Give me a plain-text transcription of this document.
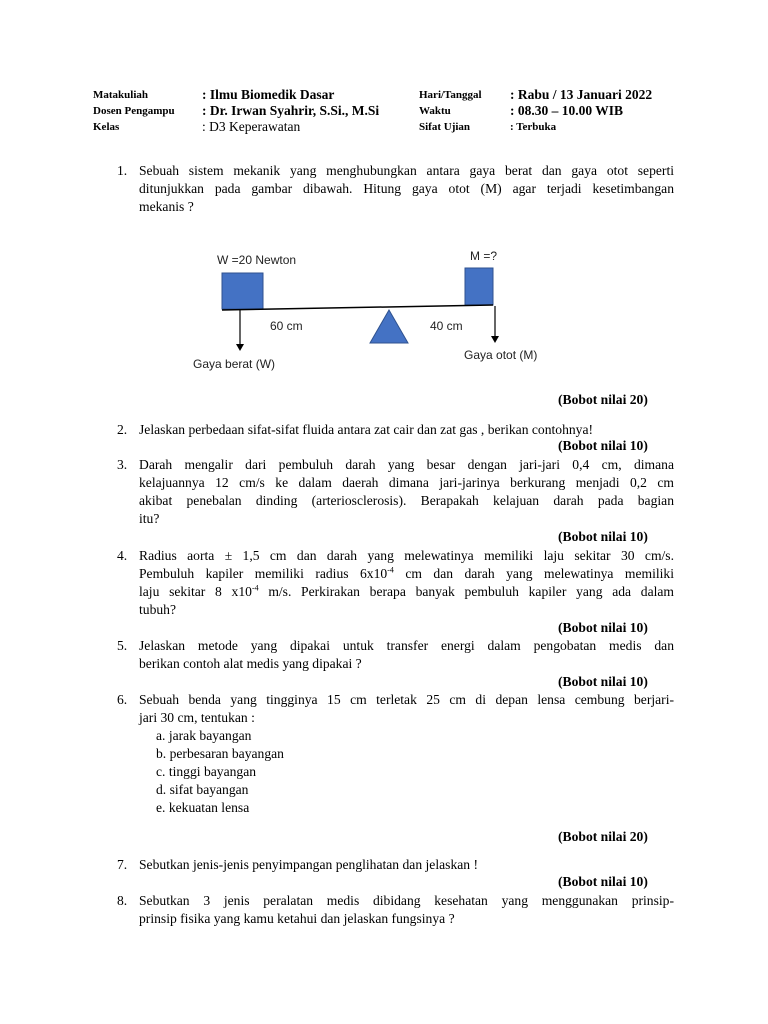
Matakuliah	: Ilmu Biomedik Dasar	Hari/Tanggal : Rabu / 13 Januari 2022
Dosen Pengampu : Dr. Irwan Syahrir, S.Si., M.Si	Waktu	: 08.30 – 10.00 WIB
Kelas	: D3 Keperawatan	Sifat Ujian	: Terbuka
1. Sebuah sistem mekanik yang menghubungkan antara gaya berat dan gaya otot seperti
ditunjukkan pada gambar dibawah. Hitung gaya otot (M) agar terjadi kesetimbangan
mekanis ?
W =20 Newton	M =?
60 cm	40 cm
Gaya berat (W)
Gaya otot (M)
(Bobot nilai 20)
2. Jelaskan perbedaan sifat-sifat fluida antara zat cair dan zat gas , berikan contohnya!
(Bobot nilai 10)
3. Darah mengalir dari pembuluh darah yang besar dengan jari-jari 0,4 cm, dimana
kelajuannya 12 cm/s ke dalam daerah dimana jari-jarinya berkurang menjadi 0,2 cm
akibat penebalan dinding (arteriosclerosis). Berapakah kelajuan darah pada bagian
itu?
(Bobot nilai 10)
4. Radius aorta ± 1,5 cm dan darah yang melewatinya memiliki laju sekitar 30 cm/s.
Pembuluh kapiler memiliki radius $6x10^{-4}$ cm dan darah yang melewatinya memiliki
laju sekitar 8 $x10^{-4}$ m/s. Perkirakan berapa banyak pembuluh kapiler yang ada dalam
tubuh?
(Bobot nilai 10)
5. Jelaskan metode yang dipakai untuk transfer energi dalam pengobatan medis dan
berikan contoh alat medis yang dipakai ?
(Bobot nilai 10)
6. Sebuah benda yang tingginya 15 cm terletak 25 cm di depan lensa cembung berjari-
jari 30 cm, tentukan :
a. jarak bayangan
b. perbesaran bayangan
c. tinggi bayangan
d. sifat bayangan
e. kekuatan lensa
(Bobot nilai 20)
7. Sebutkan jenis-jenis penyimpangan penglihatan dan jelaskan !
(Bobot nilai 10)
8. Sebutkan 3 jenis peralatan medis dibidang kesehatan yang menggunakan prinsip-
prinsip fisika yang kamu ketahui dan jelaskan fungsinya ?
